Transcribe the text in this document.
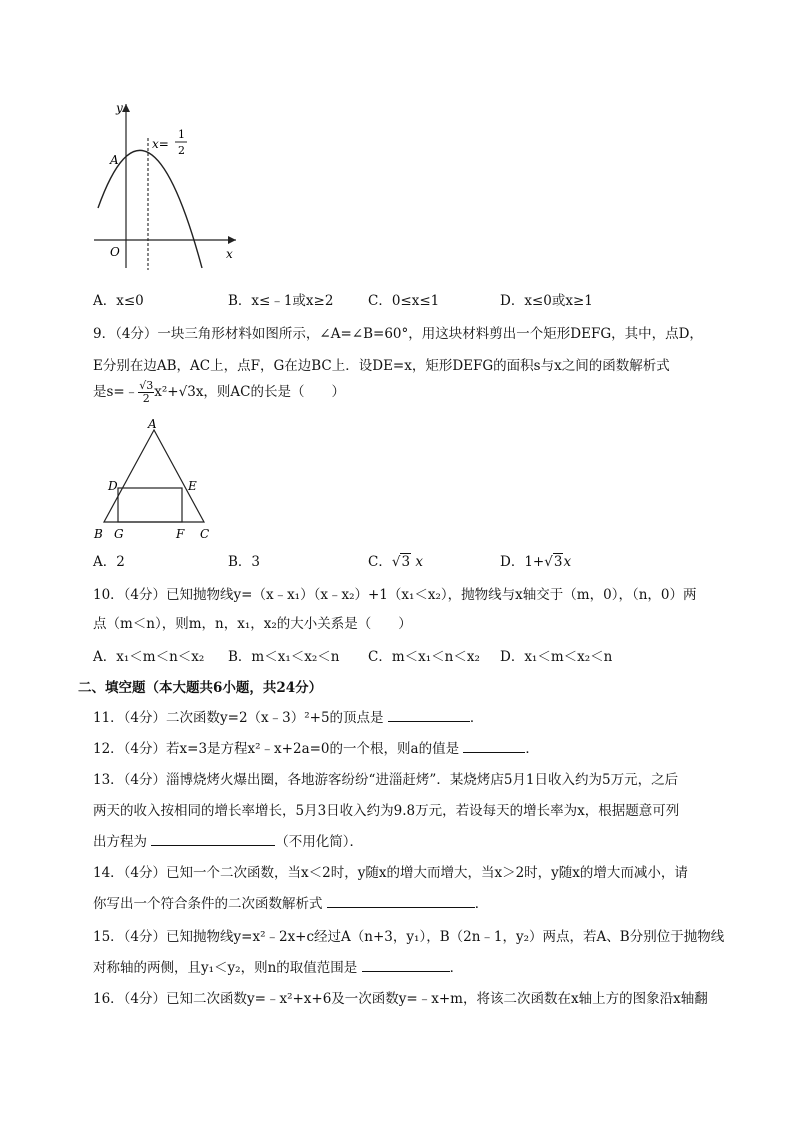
y
x
O
A
x=
1
2
A．x≤0	B．x≤﹣1或x≥2	C．0≤x≤1	D．x≤0或x≥1
9．（4分）一块三角形材料如图所示，∠A=∠B=60°，用这块材料剪出一个矩形DEFG，其中，点D，
E分别在边AB，AC上，点F，G在边BC上．设DE=x，矩形DEFG的面积s与x之间的函数解析式
是s=﹣ $\frac{√3}{2} x^2+√3x$，则AC的长是（　　）
A
D	E
B G	F C
A．2	B．3	C．√3 x	D．1+√3x
10．（4分）已知抛物线y=（x﹣x₁）（x﹣x₂）+1（x₁＜x₂），抛物线与x轴交于（m，0），（n，0）两
点（m＜n），则m，n，x₁，x₂的大小关系是（　　）
A．x₁＜m＜n＜x₂ B．m＜x₁＜x₂＜n C．m＜x₁＜n＜x₂ D．x₁＜m＜x₂＜n
二、填空题（本大题共6小题，共24分）
11．（4分）二次函数y=2（x﹣3）²+5的顶点是	．
12．（4分）若x=3是方程x²﹣x+2a=0的一个根，则a的值是	．
13．（4分）淄博烧烤火爆出圈，各地游客纷纷“进淄赶烤”．某烧烤店5月1日收入约为5万元，之后
两天的收入按相同的增长率增长，5月3日收入约为9.8万元，若设每天的增长率为x，根据题意可列
出方程为	（不用化简）．
14．（4分）已知一个二次函数，当x＜2时，y随x的增大而增大，当x＞2时，y随x的增大而减小，请
你写出一个符合条件的二次函数解析式	．
15．（4分）已知抛物线y=x²﹣2x+c经过A（n+3，y₁），B（2n﹣1，y₂）两点，若A、B分别位于抛物线
对称轴的两侧，且y₁＜y₂，则n的取值范围是	．
16．（4分）已知二次函数y=﹣x²+x+6及一次函数y=﹣x+m，将该二次函数在x轴上方的图象沿x轴翻
